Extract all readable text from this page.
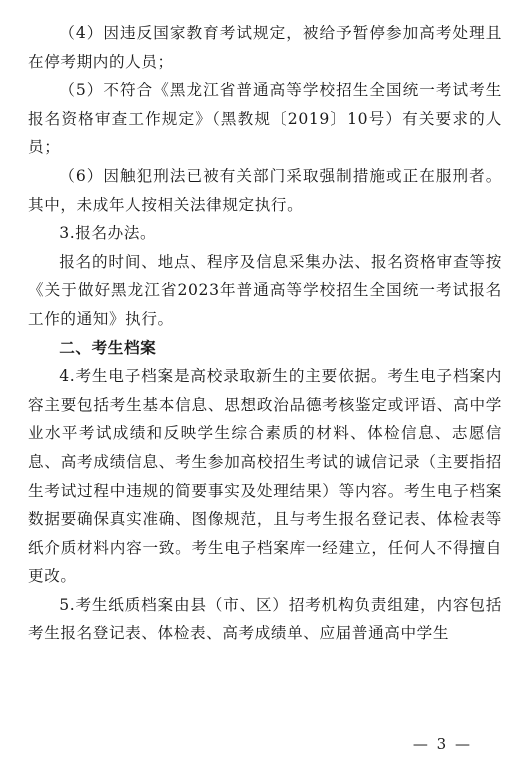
（4）因违反国家教育考试规定，被给予暂停参加高考处理且在停考期内的人员；

（5）不符合《黑龙江省普通高等学校招生全国统一考试考生报名资格审查工作规定》（黑教规〔2019〕10号）有关要求的人员；

（6）因触犯刑法已被有关部门采取强制措施或正在服刑者。其中，未成年人按相关法律规定执行。

3.报名办法。

报名的时间、地点、程序及信息采集办法、报名资格审查等按《关于做好黑龙江省2023年普通高等学校招生全国统一考试报名工作的通知》执行。

二、考生档案

4.考生电子档案是高校录取新生的主要依据。考生电子档案内容主要包括考生基本信息、思想政治品德考核鉴定或评语、高中学业水平考试成绩和反映学生综合素质的材料、体检信息、志愿信息、高考成绩信息、考生参加高校招生考试的诚信记录（主要指招生考试过程中违规的简要事实及处理结果）等内容。考生电子档案数据要确保真实准确、图像规范，且与考生报名登记表、体检表等纸介质材料内容一致。考生电子档案库一经建立，任何人不得擅自更改。

5.考生纸质档案由县（市、区）招考机构负责组建，内容包括考生报名登记表、体检表、高考成绩单、应届普通高中学生

— 3 —
